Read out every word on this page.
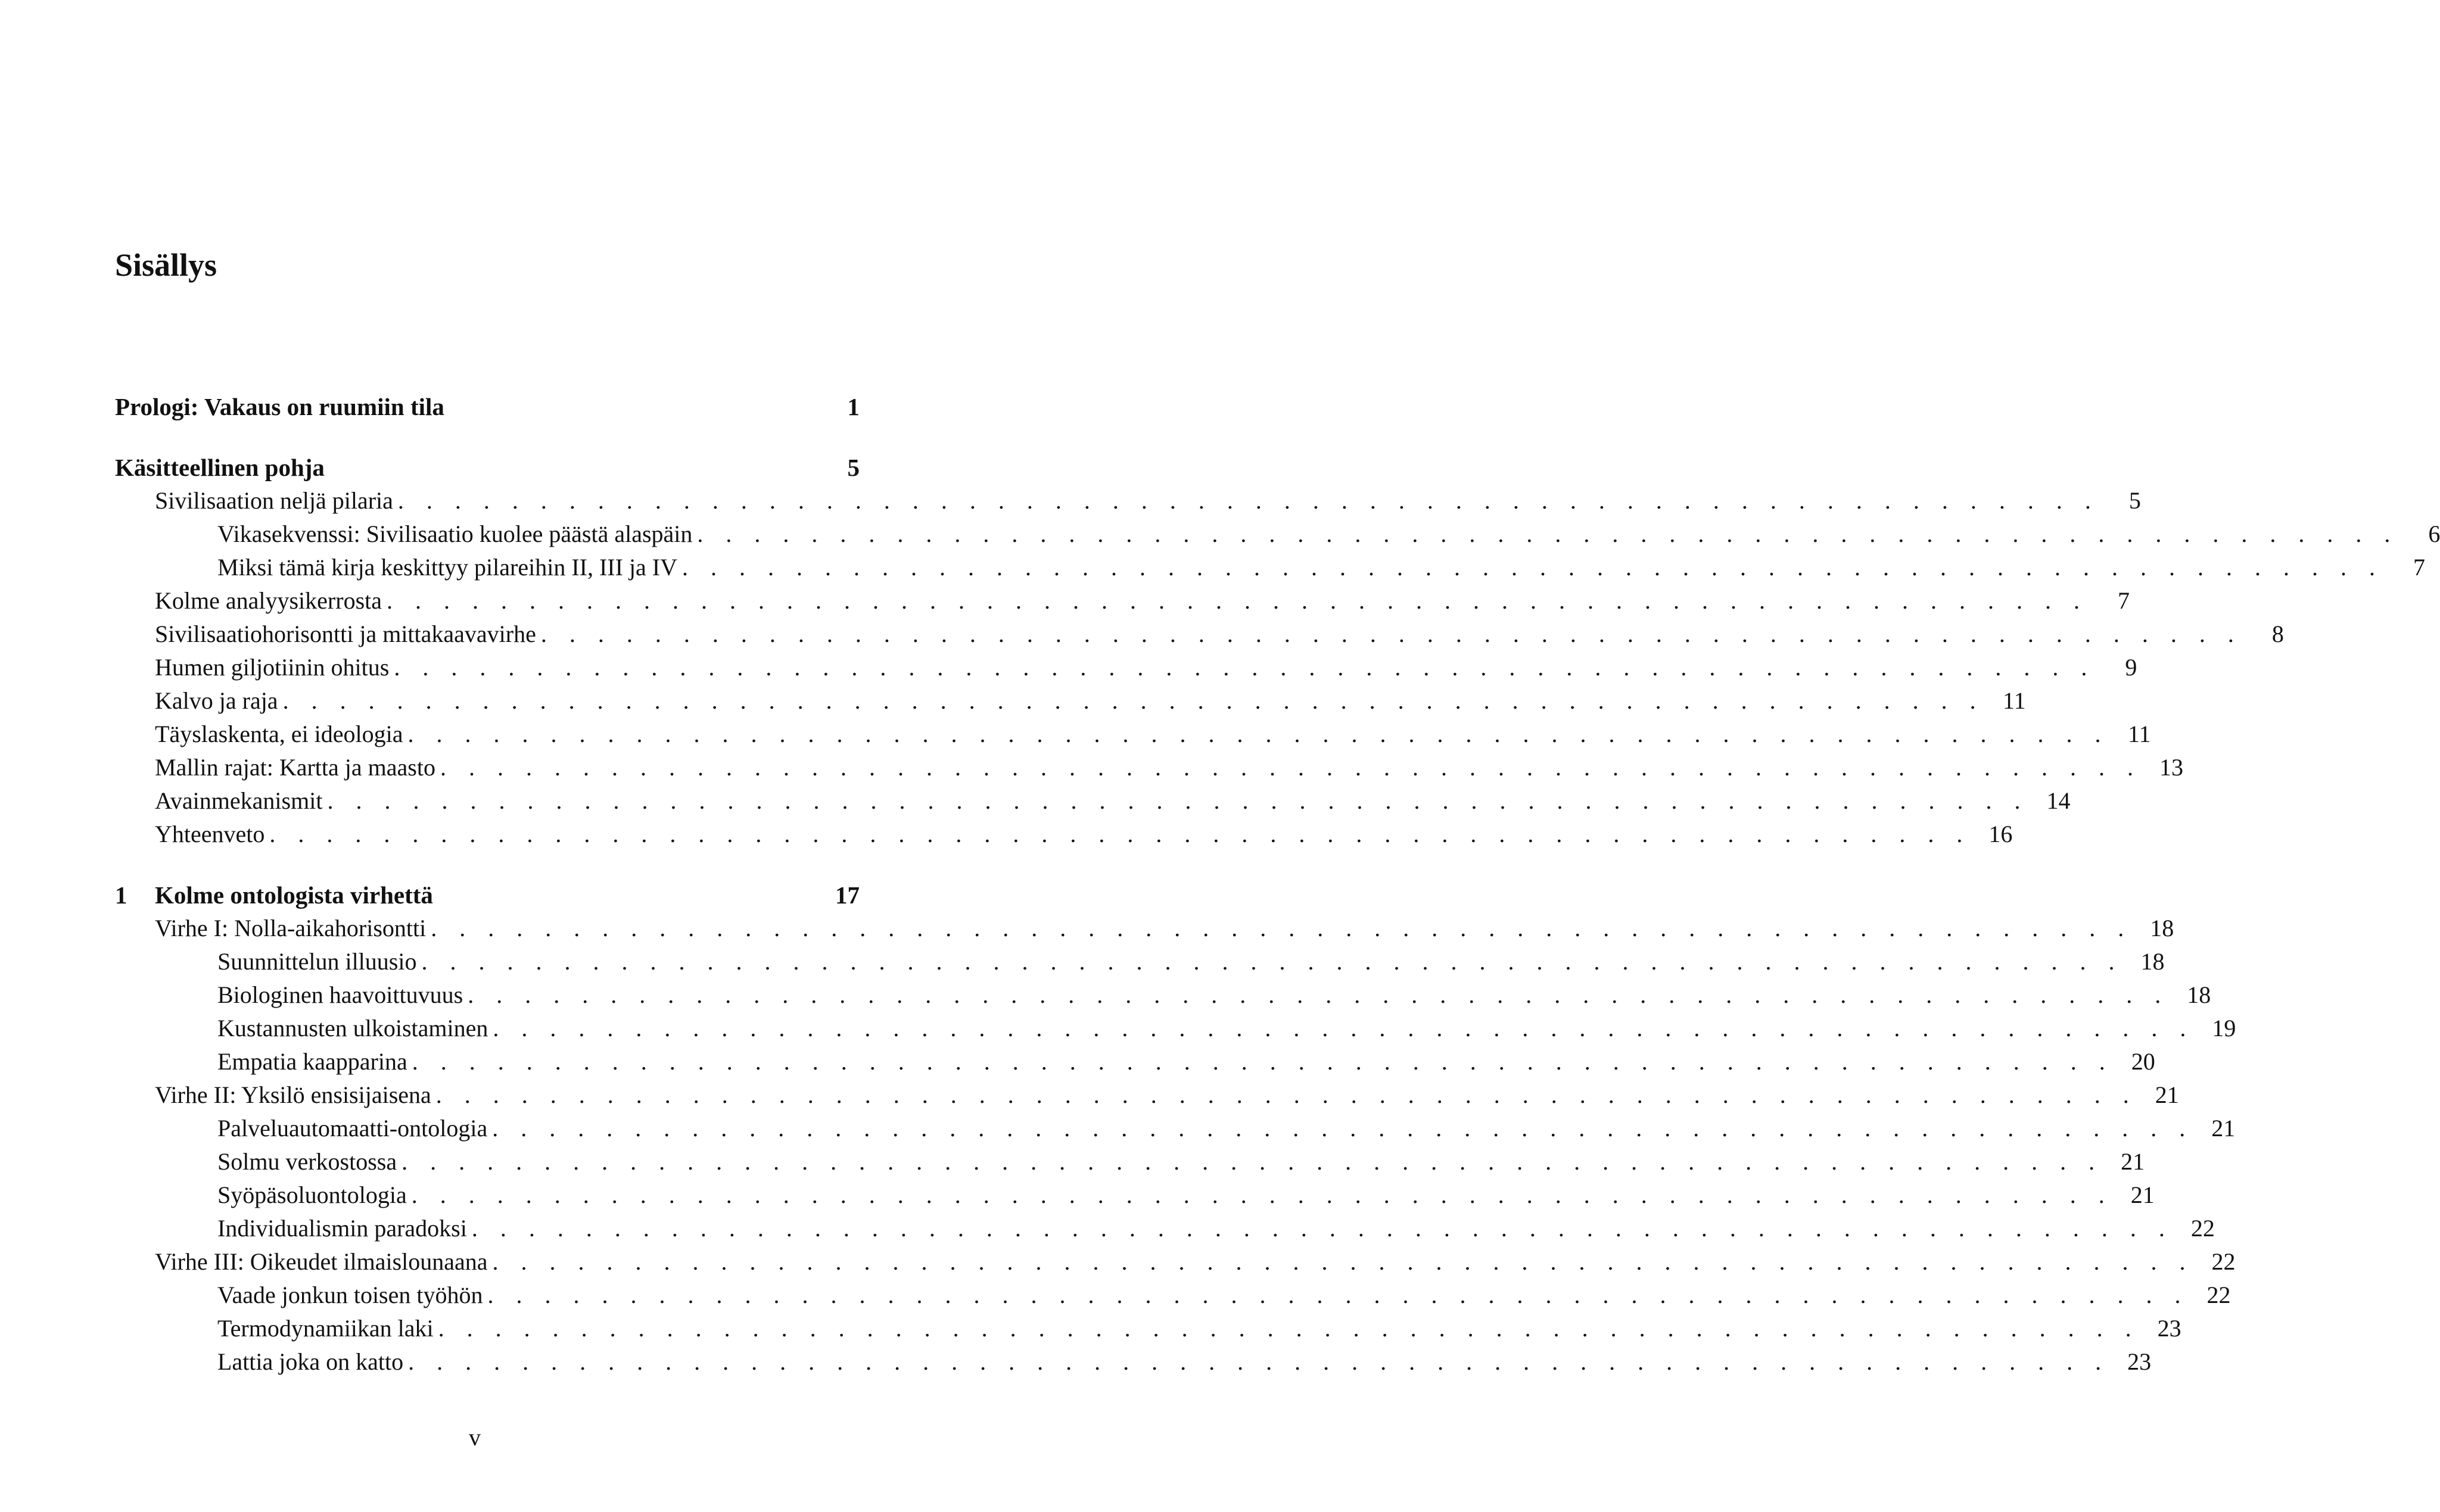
Sisällys
Prologi: Vakaus on ruumiin tila	1
Käsitteellinen pohja	5
Sivilisaation neljä pilaria . . . . . . . . . . . . . . . . . . . . . . . . . . . . . . . . . . . . . . . . . . . . . . . . . . . . . . . . . . . .	5
Vikasekvenssi: Sivilisaatio kuolee päästä alaspäin . . . . . . . . . . . . . . . . . . . . . . . . . . . . . . . . . . . . . . . . . . . . . . . . . . . . . . . . . . . .	6
Miksi tämä kirja keskittyy pilareihin II, III ja IV . . . . . . . . . . . . . . . . . . . . . . . . . . . . . . . . . . . . . . . . . . . . . . . . . . . . . . . . . . . .	7
Kolme analyysikerrosta . . . . . . . . . . . . . . . . . . . . . . . . . . . . . . . . . . . . . . . . . . . . . . . . . . . . . . . . . . . .	7
Sivilisaatiohorisontti ja mittakaavavirhe . . . . . . . . . . . . . . . . . . . . . . . . . . . . . . . . . . . . . . . . . . . . . . . . . . . . . . . . . . . .	8
Humen giljotiinin ohitus . . . . . . . . . . . . . . . . . . . . . . . . . . . . . . . . . . . . . . . . . . . . . . . . . . . . . . . . . . . .	9
Kalvo ja raja . . . . . . . . . . . . . . . . . . . . . . . . . . . . . . . . . . . . . . . . . . . . . . . . . . . . . . . . . . . . 11
Täyslaskenta, ei ideologia . . . . . . . . . . . . . . . . . . . . . . . . . . . . . . . . . . . . . . . . . . . . . . . . . . . . . . . . . . . . 11
Mallin rajat: Kartta ja maasto . . . . . . . . . . . . . . . . . . . . . . . . . . . . . . . . . . . . . . . . . . . . . . . . . . . . . . . . . . . . 13
Avainmekanismit . . . . . . . . . . . . . . . . . . . . . . . . . . . . . . . . . . . . . . . . . . . . . . . . . . . . . . . . . . . . 14
Yhteenveto . . . . . . . . . . . . . . . . . . . . . . . . . . . . . . . . . . . . . . . . . . . . . . . . . . . . . . . . . . . . 16
1 Kolme ontologista virhettä	17
Virhe I: Nolla-aikahorisontti . . . . . . . . . . . . . . . . . . . . . . . . . . . . . . . . . . . . . . . . . . . . . . . . . . . . . . . . . . . . 18
Suunnittelun illuusio . . . . . . . . . . . . . . . . . . . . . . . . . . . . . . . . . . . . . . . . . . . . . . . . . . . . . . . . . . . . 18
Biologinen haavoittuvuus . . . . . . . . . . . . . . . . . . . . . . . . . . . . . . . . . . . . . . . . . . . . . . . . . . . . . . . . . . . . 18
Kustannusten ulkoistaminen . . . . . . . . . . . . . . . . . . . . . . . . . . . . . . . . . . . . . . . . . . . . . . . . . . . . . . . . . . . . 19
Empatia kaapparina . . . . . . . . . . . . . . . . . . . . . . . . . . . . . . . . . . . . . . . . . . . . . . . . . . . . . . . . . . . . 20
Virhe II: Yksilö ensisijaisena . . . . . . . . . . . . . . . . . . . . . . . . . . . . . . . . . . . . . . . . . . . . . . . . . . . . . . . . . . . . 21
Palveluautomaatti-ontologia . . . . . . . . . . . . . . . . . . . . . . . . . . . . . . . . . . . . . . . . . . . . . . . . . . . . . . . . . . . . 21
Solmu verkostossa . . . . . . . . . . . . . . . . . . . . . . . . . . . . . . . . . . . . . . . . . . . . . . . . . . . . . . . . . . . . 21
Syöpäsoluontologia . . . . . . . . . . . . . . . . . . . . . . . . . . . . . . . . . . . . . . . . . . . . . . . . . . . . . . . . . . . . 21
Individualismin paradoksi . . . . . . . . . . . . . . . . . . . . . . . . . . . . . . . . . . . . . . . . . . . . . . . . . . . . . . . . . . . . 22
Virhe III: Oikeudet ilmaislounaana . . . . . . . . . . . . . . . . . . . . . . . . . . . . . . . . . . . . . . . . . . . . . . . . . . . . . . . . . . . . 22
Vaade jonkun toisen työhön . . . . . . . . . . . . . . . . . . . . . . . . . . . . . . . . . . . . . . . . . . . . . . . . . . . . . . . . . . . . 22
Termodynamiikan laki . . . . . . . . . . . . . . . . . . . . . . . . . . . . . . . . . . . . . . . . . . . . . . . . . . . . . . . . . . . . 23
Lattia joka on katto . . . . . . . . . . . . . . . . . . . . . . . . . . . . . . . . . . . . . . . . . . . . . . . . . . . . . . . . . . . . 23
v
